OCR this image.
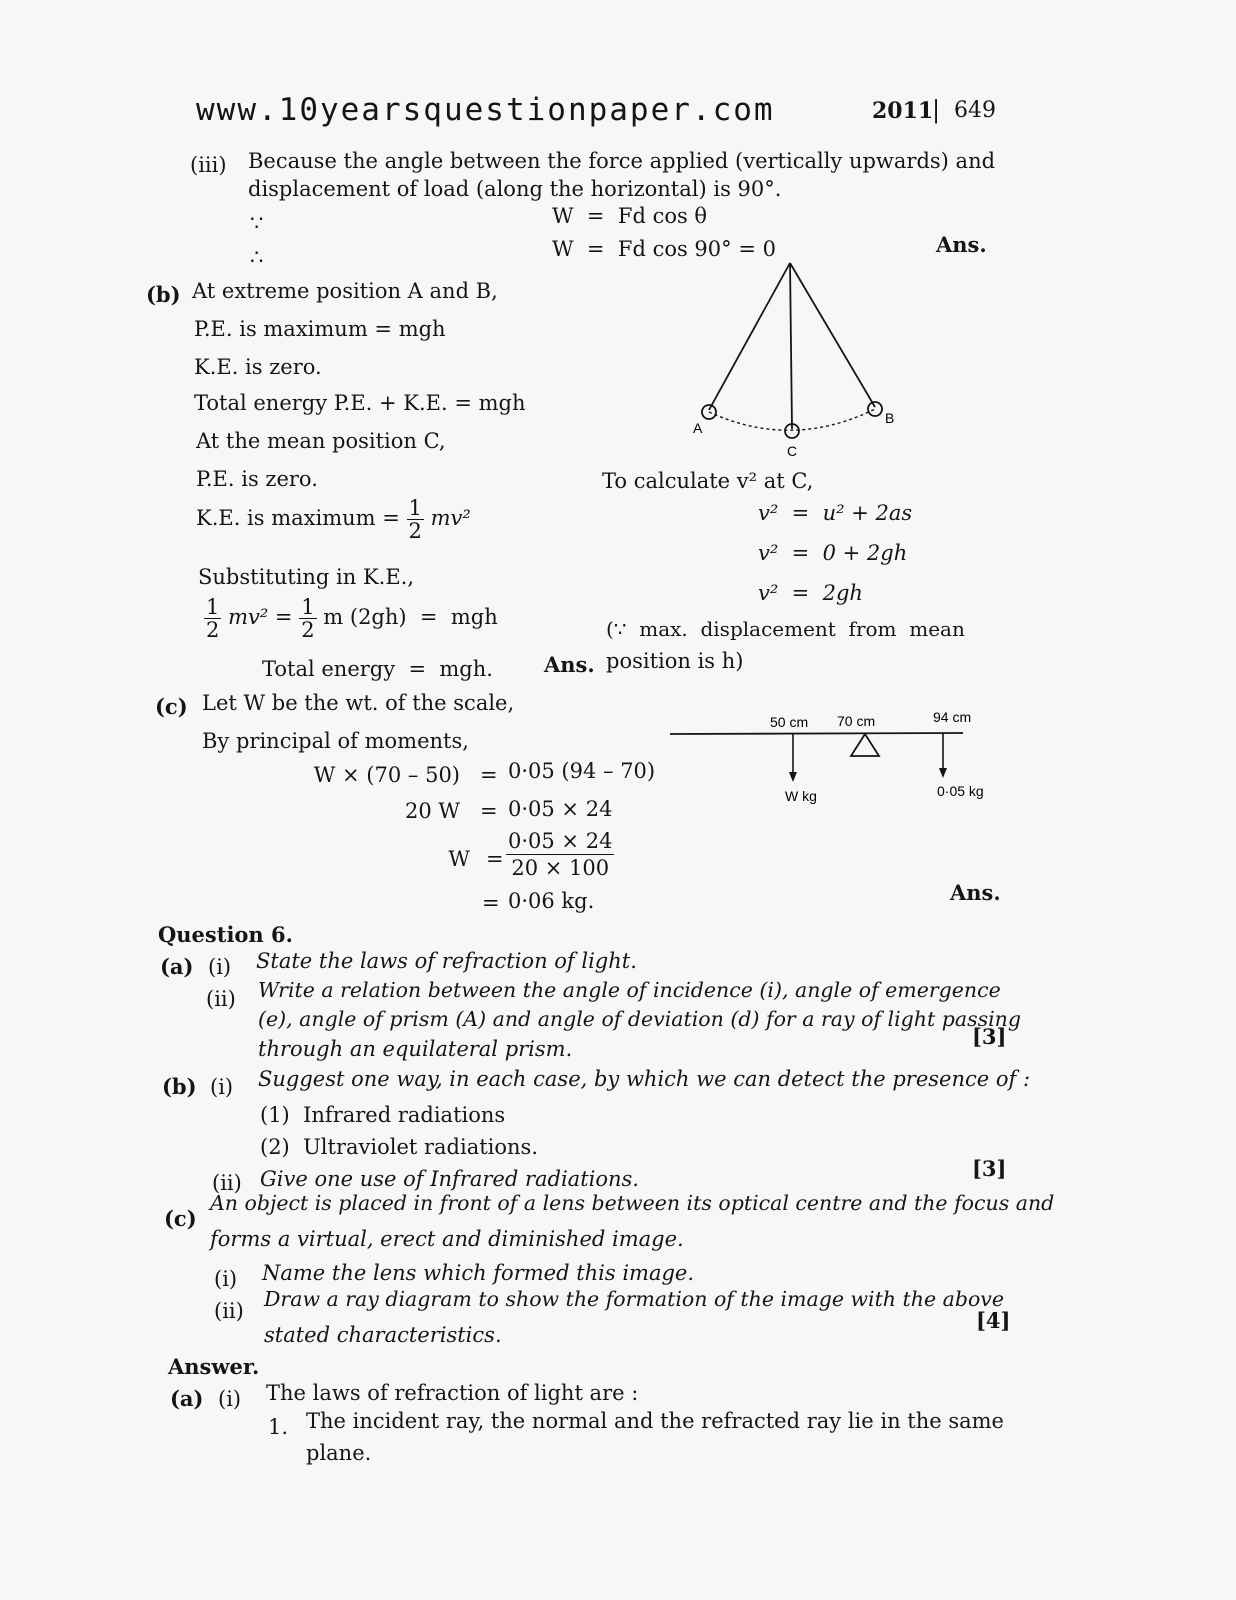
www.10yearsquestionpaper.com	2011
| 649
(iii) Because the angle between the force applied (vertically upwards) and
displacement of load (along the horizontal) is 90°.
∵
∴
W  =  Fd cos θ
W  =  Fd cos 90° = 0	Ans.
(b) At extreme position A and B,
P.E. is maximum = mgh
K.E. is zero.
Total energy P.E. + K.E. = mgh
At the mean position C,
P.E. is zero.
K.E. is maximum = $\frac{1}{2} mv^2$
Substituting in K.E.,
$\frac{1}{2} mv^2 = \frac{1}{2}$ m (2gh)  =  mgh
Total energy  =  mgh. Ans.
A
C
B
To calculate v² at C,
v²  =  u² + 2as
v²  =  0 + 2gh
v²  =  2gh
(∵  max.  displacement  from  mean
position is h)
(c) Let W be the wt. of the scale,
By principal of moments,
W × (70 – 50) = 0·05 (94 – 70)
20 W = 0·05 × 24
$W = \frac{0\cdot 05 \times 24}{20 \times 100}$
= 0·06 kg.	Ans.
50 cm 70 cm	94 cm
W kg	0·05 kg
Question 6.
(a) (i) State the laws of refraction of light.
(ii) Write a relation between the angle of incidence (i), angle of emergence
(e), angle of prism (A) and angle of deviation (d) for a ray of light passing
through an equilateral prism.	[3]
(b) (i) Suggest one way, in each case, by which we can detect the presence of :
(1)  Infrared radiations
(2)  Ultraviolet radiations.
(ii) Give one use of Infrared radiations.	[3]
(c)
An object is placed in front of a lens between its optical centre and the focus and
forms a virtual, erect and diminished image.
(i) Name the lens which formed this image.
(ii) Draw a ray diagram to show the formation of the image with the above
stated characteristics.
[4]
Answer.
(a) (i) The laws of refraction of light are :
1. The incident ray, the normal and the refracted ray lie in the same
plane.
